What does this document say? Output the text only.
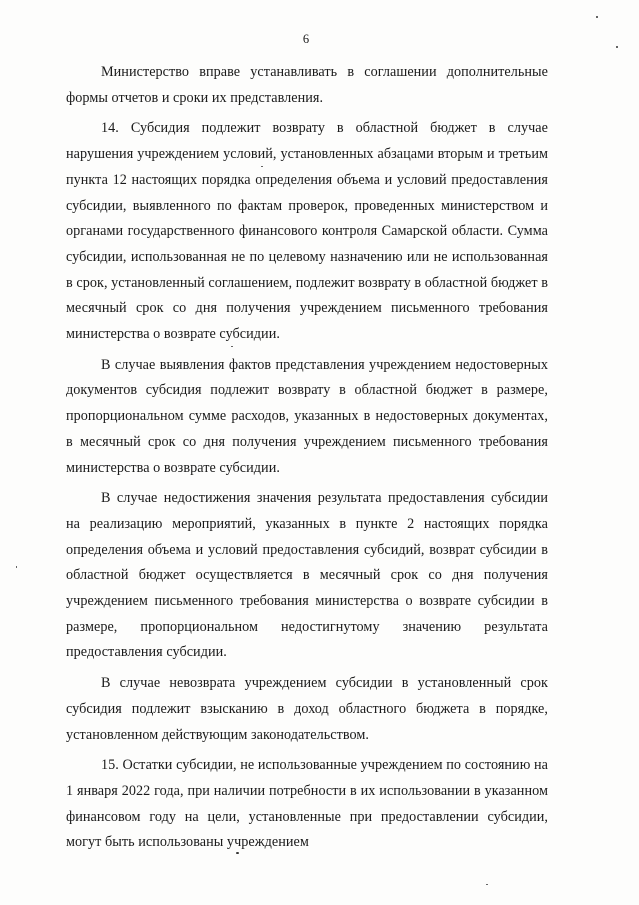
6

Министерство вправе устанавливать в соглашении дополнительные формы отчетов и сроки их представления.

14. Субсидия подлежит возврату в областной бюджет в случае нарушения учреждением условий, установленных абзацами вторым и третьим пункта 12 настоящих порядка определения объема и условий предоставления субсидии, выявленного по фактам проверок, проведенных министерством и органами государственного финансового контроля Самарской области. Сумма субсидии, использованная не по целевому назначению или не использованная в срок, установленный соглашением, подлежит возврату в областной бюджет в месячный срок со дня получения учреждением письменного требования министерства о возврате субсидии.

В случае выявления фактов представления учреждением недостоверных документов субсидия подлежит возврату в областной бюджет в размере, пропорциональном сумме расходов, указанных в недостоверных документах, в месячный срок со дня получения учреждением письменного требования министерства о возврате субсидии.

В случае недостижения значения результата предоставления субсидии на реализацию мероприятий, указанных в пункте 2 настоящих порядка определения объема и условий предоставления субсидий, возврат субсидии в областной бюджет осуществляется в месячный срок со дня получения учреждением письменного требования министерства о возврате субсидии в размере, пропорциональном недостигнутому значению результата предоставления субсидии.

В случае невозврата учреждением субсидии в установленный срок субсидия подлежит взысканию в доход областного бюджета в порядке, установленном действующим законодательством.

15. Остатки субсидии, не использованные учреждением по состоянию на 1 января 2022 года, при наличии потребности в их использовании в указанном финансовом году на цели, установленные при предоставлении субсидии, могут быть использованы учреждением
